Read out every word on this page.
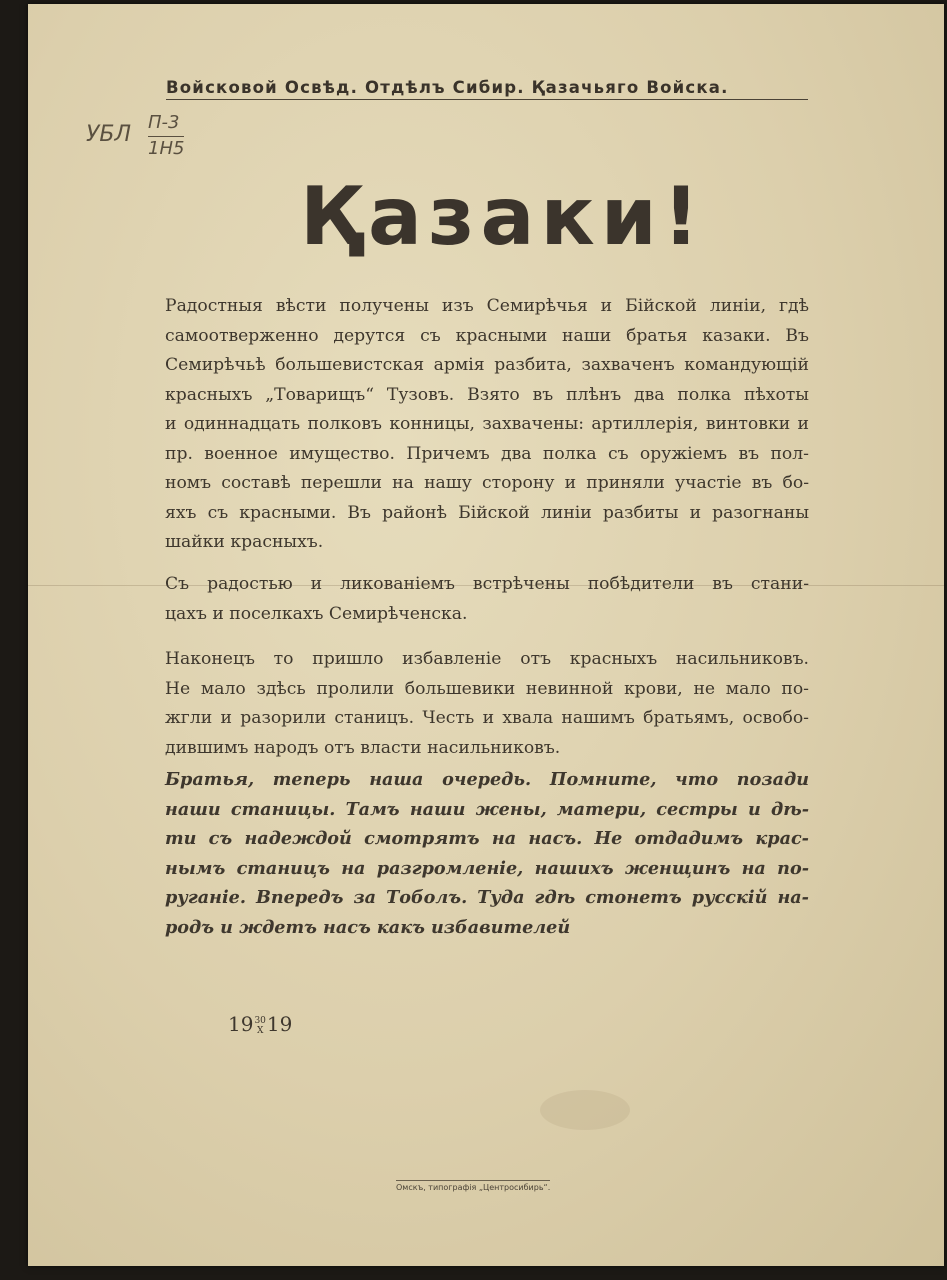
Войсковой Освѣд. Отдѣлъ Сибир. Қазачьяго Войска.
УБЛ П-3
1Н5
Қазаки!
Радостныя вѣсти получены изъ Семирѣчья и Бійской линіи, гдѣ
самоотверженно дерутся съ красными наши братья казаки. Въ
Семирѣчьѣ большевистская армія разбита, захваченъ командующій
красныхъ „Товарищъ“ Тузовъ. Взято въ плѣнъ два полка пѣхоты
и одиннадцать полковъ конницы, захвачены: артиллерія, винтовки и
пр. военное имущество. Причемъ два полка съ оружіемъ въ пол-
номъ составѣ перешли на нашу сторону и приняли участіе въ бо-
яхъ съ красными. Въ районѣ Бійской линіи разбиты и разогнаны
шайки красныхъ.
Съ радостью и ликованіемъ встрѣчены побѣдители въ стани-
цахъ и поселкахъ Семирѣченска.
Наконецъ то пришло избавленіе отъ красныхъ насильниковъ.
Не мало здѣсь пролили большевики невинной крови, не мало по-
жгли и разорили станицъ. Честь и хвала нашимъ братьямъ, освобо-
дившимъ народъ отъ власти насильниковъ.
Братья, теперь наша очередь. Помните, что позади
наши станицы. Тамъ наши жены, матери, сестры и дѣ-
ти съ надеждой смотрятъ на насъ. Не отдадимъ крас-
нымъ станицъ на разгромленіе, нашихъ женщинъ на по-
руганіе. Впередъ за Тоболъ. Туда гдѣ стонетъ русскій на-
родъ и ждетъ насъ какъ избавителей
19 30
X 19
Омскъ, типографія „Центросибирь“.
